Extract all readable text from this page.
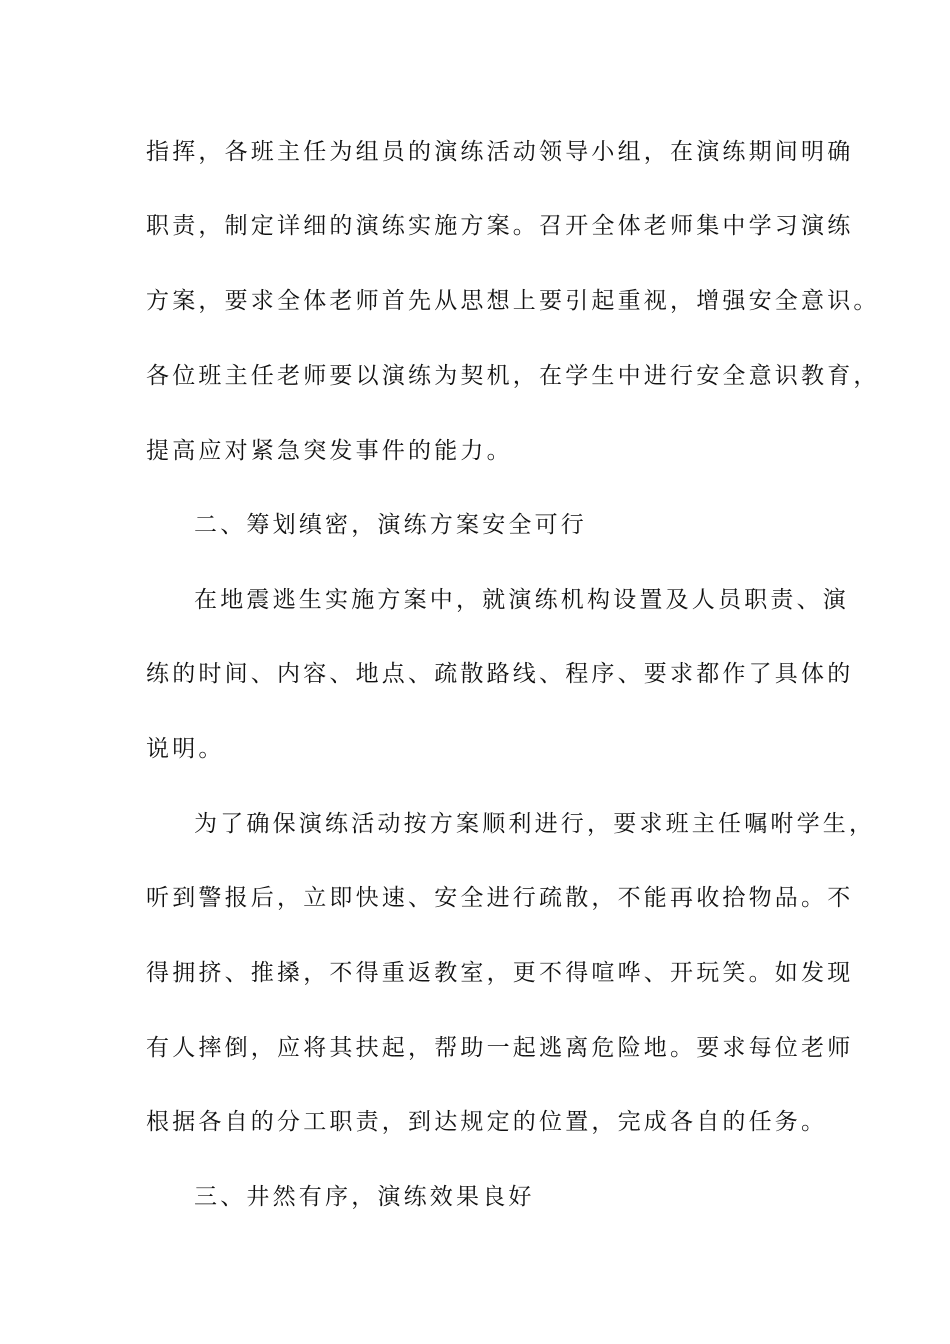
指挥，各班主任为组员的演练活动领导小组，在演练期间明确
职责，制定详细的演练实施方案。召开全体老师集中学习演练
方案，要求全体老师首先从思想上要引起重视，增强安全意识。
各位班主任老师要以演练为契机，在学生中进行安全意识教育，
提高应对紧急突发事件的能力。
二、筹划缜密，演练方案安全可行
在地震逃生实施方案中，就演练机构设置及人员职责、演
练的时间、内容、地点、疏散路线、程序、要求都作了具体的
说明。
为了确保演练活动按方案顺利进行，要求班主任嘱咐学生，
听到警报后，立即快速、安全进行疏散，不能再收拾物品。不
得拥挤、推搡，不得重返教室，更不得喧哗、开玩笑。如发现
有人摔倒，应将其扶起，帮助一起逃离危险地。要求每位老师
根据各自的分工职责，到达规定的位置，完成各自的任务。
三、井然有序，演练效果良好
